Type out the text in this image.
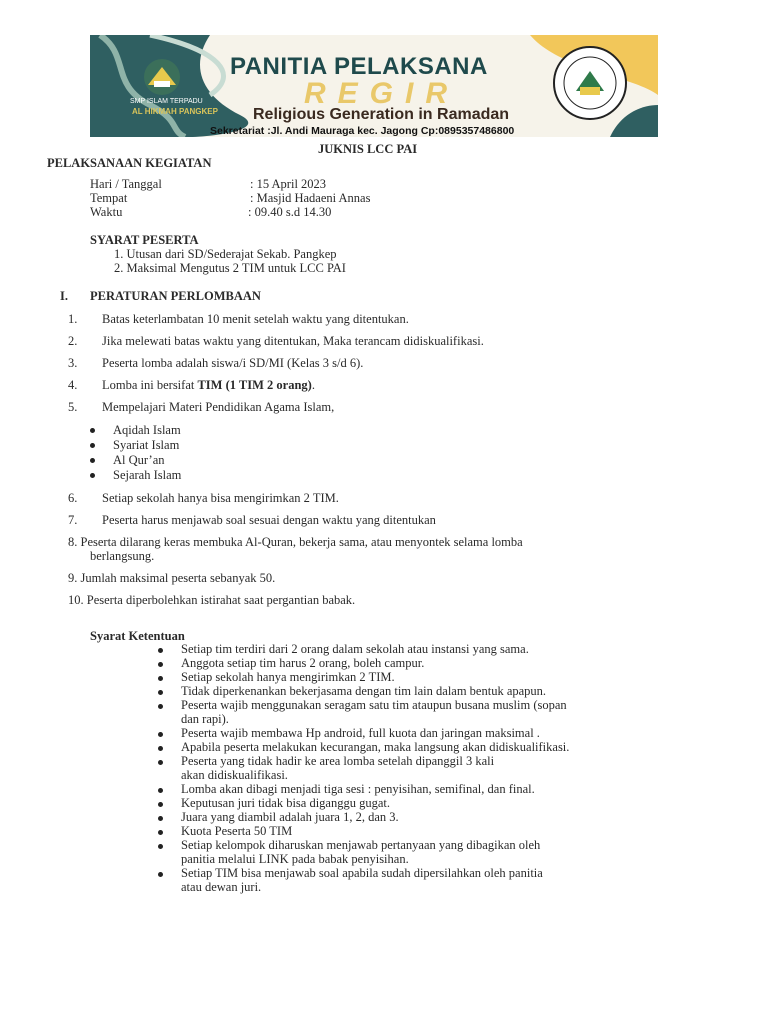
SMP ISLAM TERPADU
AL HIKMAH PANGKEP
PANITIA PELAKSANA
REGIR
Religious Generation in Ramadan
Sekretariat :Jl. Andi Mauraga kec. Jagong Cp:0895357486800
JUKNIS LCC PAI
PELAKSANAAN KEGIATAN
Hari / Tanggal	: 15 April 2023
Tempat	: Masjid Hadaeni Annas
Waktu	: 09.40 s.d 14.30
SYARAT PESERTA
1. Utusan dari SD/Sederajat Sekab. Pangkep
2. Maksimal Mengutus 2 TIM untuk LCC PAI
I. PERATURAN PERLOMBAAN
1. Batas keterlambatan 10 menit setelah waktu yang ditentukan.
2. Jika melewati batas waktu yang ditentukan, Maka terancam didiskualifikasi.
3. Peserta lomba adalah siswa/i SD/MI (Kelas 3 s/d 6).
4. Lomba ini bersifat TIM (1 TIM 2 orang).
5. Mempelajari Materi Pendidikan Agama Islam,
Aqidah Islam
Syariat Islam
Al Qur’an
Sejarah Islam
6. Setiap sekolah hanya bisa mengirimkan 2 TIM.
7. Peserta harus menjawab soal sesuai dengan waktu yang ditentukan
8. Peserta dilarang keras membuka Al-Quran, bekerja sama, atau menyontek selama lomba
berlangsung.
9. Jumlah maksimal peserta sebanyak 50.
10. Peserta diperbolehkan istirahat saat pergantian babak.
Syarat Ketentuan
Setiap tim terdiri dari 2 orang dalam sekolah atau instansi yang sama.
Anggota setiap tim harus 2 orang, boleh campur.
Setiap sekolah hanya mengirimkan 2 TIM.
Tidak diperkenankan bekerjasama dengan tim lain dalam bentuk apapun.
Peserta wajib menggunakan seragam satu tim ataupun busana muslim (sopan
dan rapi).
Peserta wajib membawa Hp android, full kuota dan jaringan maksimal .
Apabila peserta melakukan kecurangan, maka langsung akan didiskualifikasi.
Peserta yang tidak hadir ke area lomba setelah dipanggil 3 kali
akan didiskualifikasi.
Lomba akan dibagi menjadi tiga sesi : penyisihan, semifinal, dan final.
Keputusan juri tidak bisa diganggu gugat.
Juara yang diambil adalah juara 1, 2, dan 3.
Kuota Peserta 50 TIM
Setiap kelompok diharuskan menjawab pertanyaan yang dibagikan oleh
panitia melalui LINK pada babak penyisihan.
Setiap TIM bisa menjawab soal apabila sudah dipersilahkan oleh panitia
atau dewan juri.
